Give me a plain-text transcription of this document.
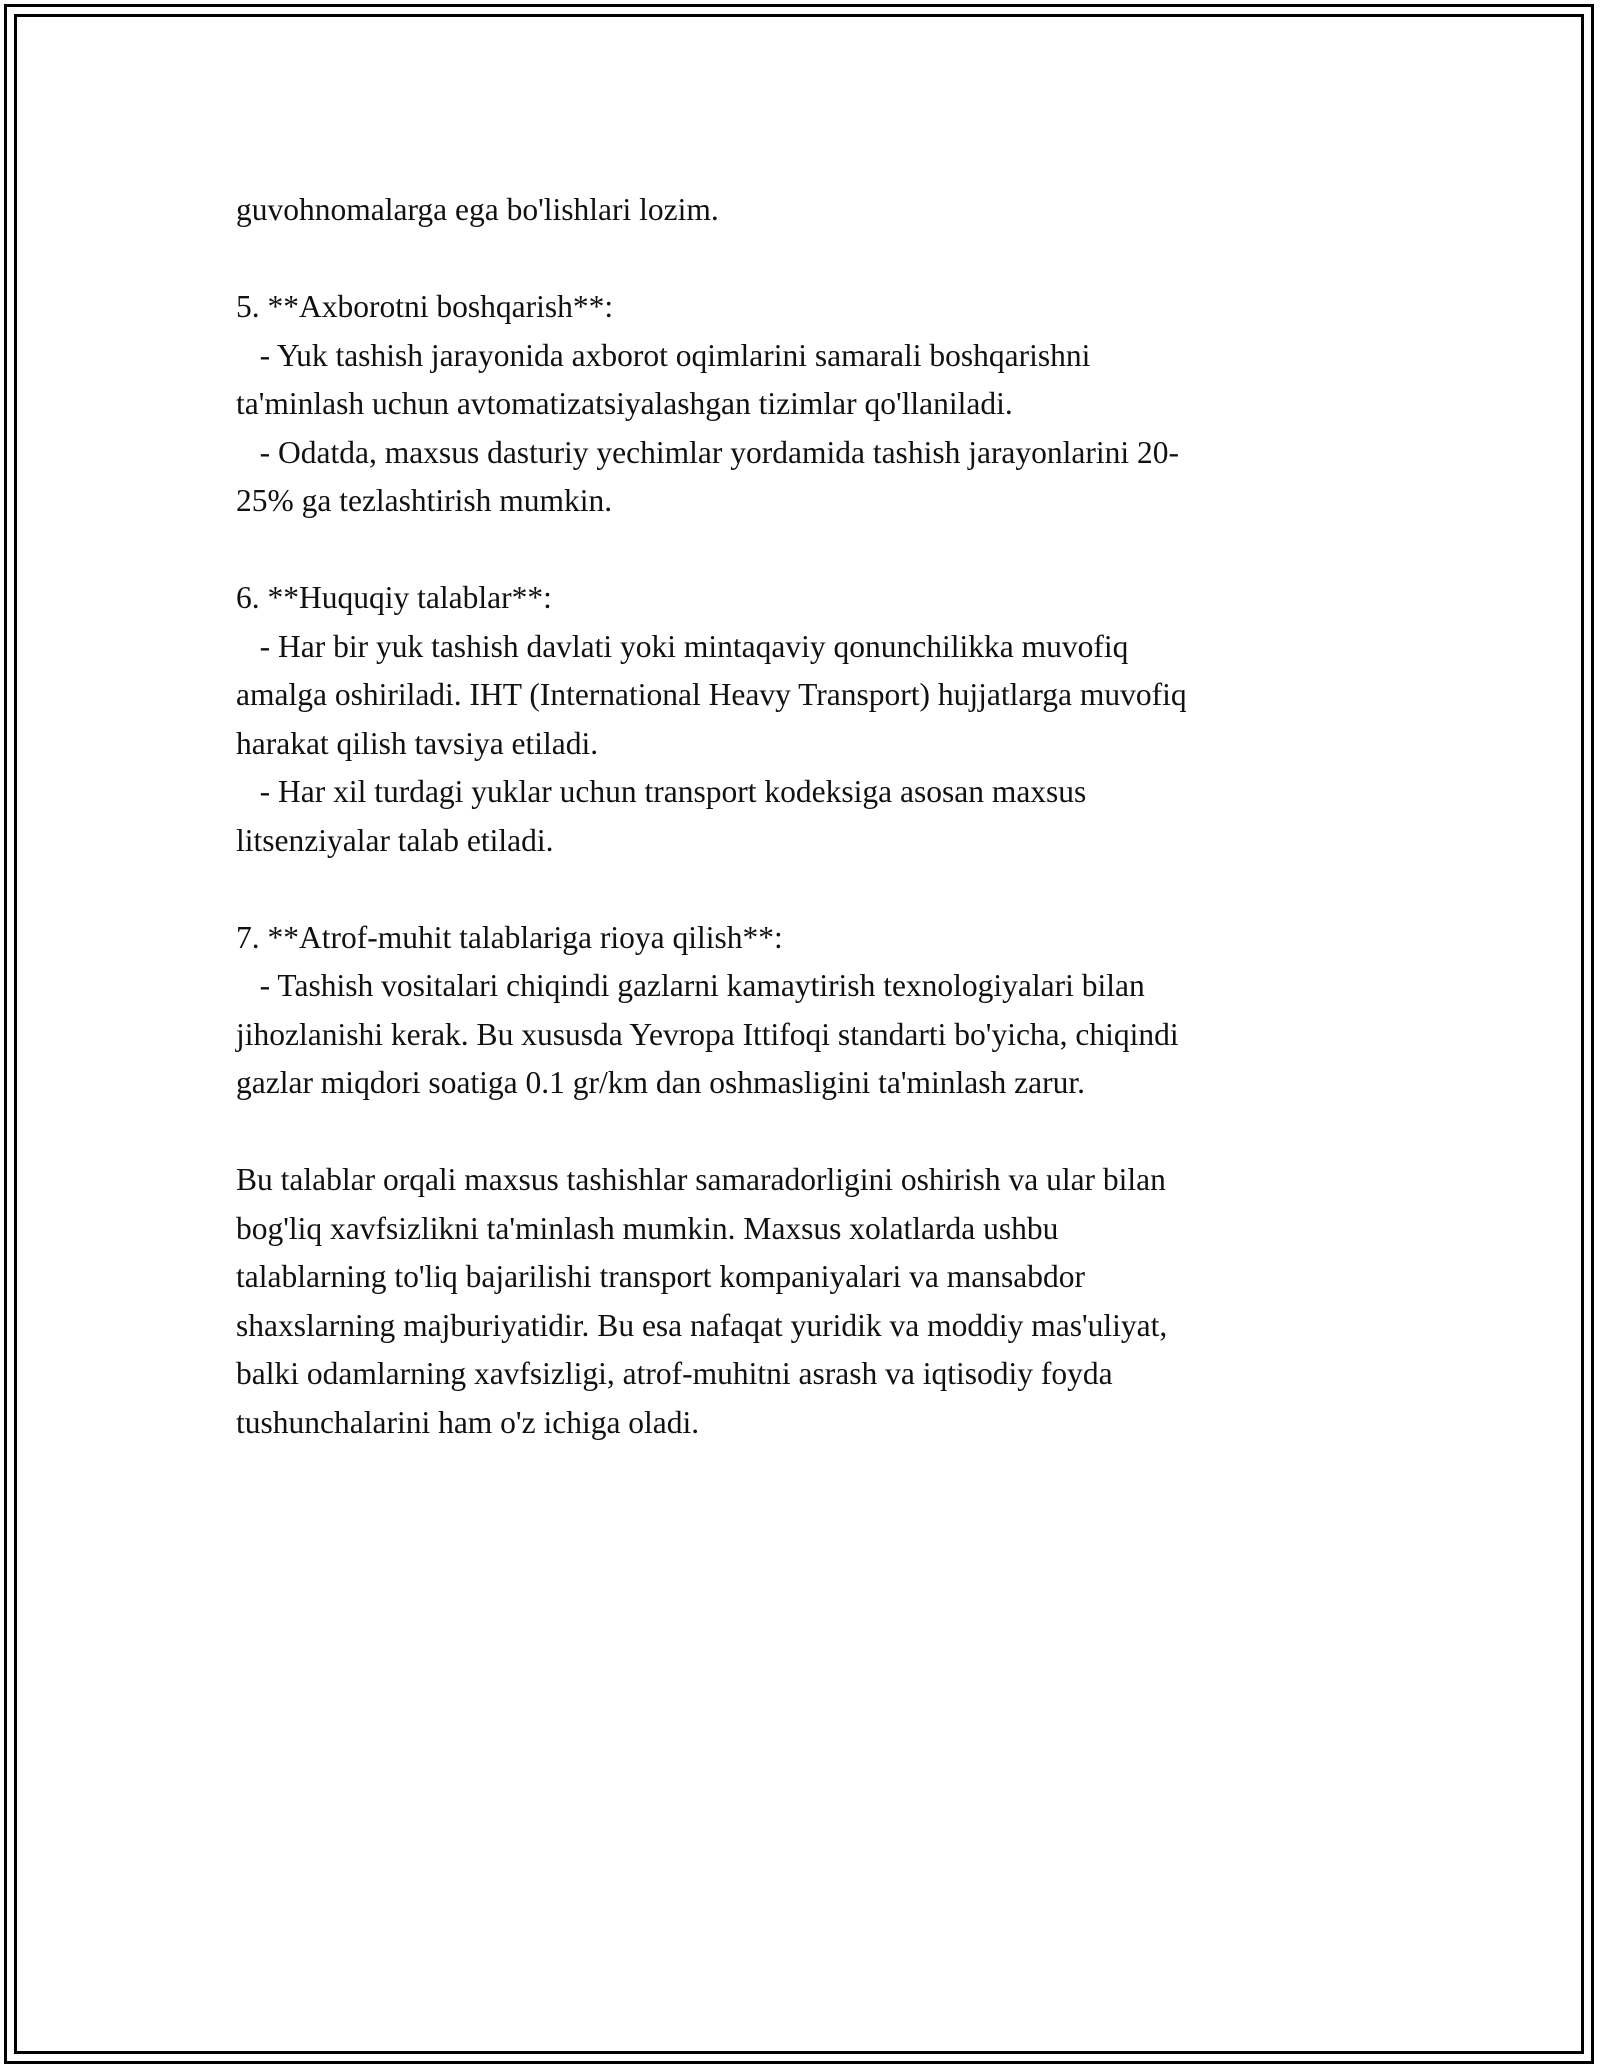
guvohnomalarga ega bo'lishlari lozim.
5. **Axborotni boshqarish**:
- Yuk tashish jarayonida axborot oqimlarini samarali boshqarishni
ta'minlash uchun avtomatizatsiyalashgan tizimlar qo'llaniladi.
- Odatda, maxsus dasturiy yechimlar yordamida tashish jarayonlarini 20-
25% ga tezlashtirish mumkin.
6. **Huquqiy talablar**:
- Har bir yuk tashish davlati yoki mintaqaviy qonunchilikka muvofiq
amalga oshiriladi. IHT (International Heavy Transport) hujjatlarga muvofiq
harakat qilish tavsiya etiladi.
- Har xil turdagi yuklar uchun transport kodeksiga asosan maxsus
litsenziyalar talab etiladi.
7. **Atrof-muhit talablariga rioya qilish**:
- Tashish vositalari chiqindi gazlarni kamaytirish texnologiyalari bilan
jihozlanishi kerak. Bu xususda Yevropa Ittifoqi standarti bo'yicha, chiqindi
gazlar miqdori soatiga 0.1 gr/km dan oshmasligini ta'minlash zarur.
Bu talablar orqali maxsus tashishlar samaradorligini oshirish va ular bilan
bog'liq xavfsizlikni ta'minlash mumkin. Maxsus xolatlarda ushbu
talablarning to'liq bajarilishi transport kompaniyalari va mansabdor
shaxslarning majburiyatidir. Bu esa nafaqat yuridik va moddiy mas'uliyat,
balki odamlarning xavfsizligi, atrof-muhitni asrash va iqtisodiy foyda
tushunchalarini ham o'z ichiga oladi.
